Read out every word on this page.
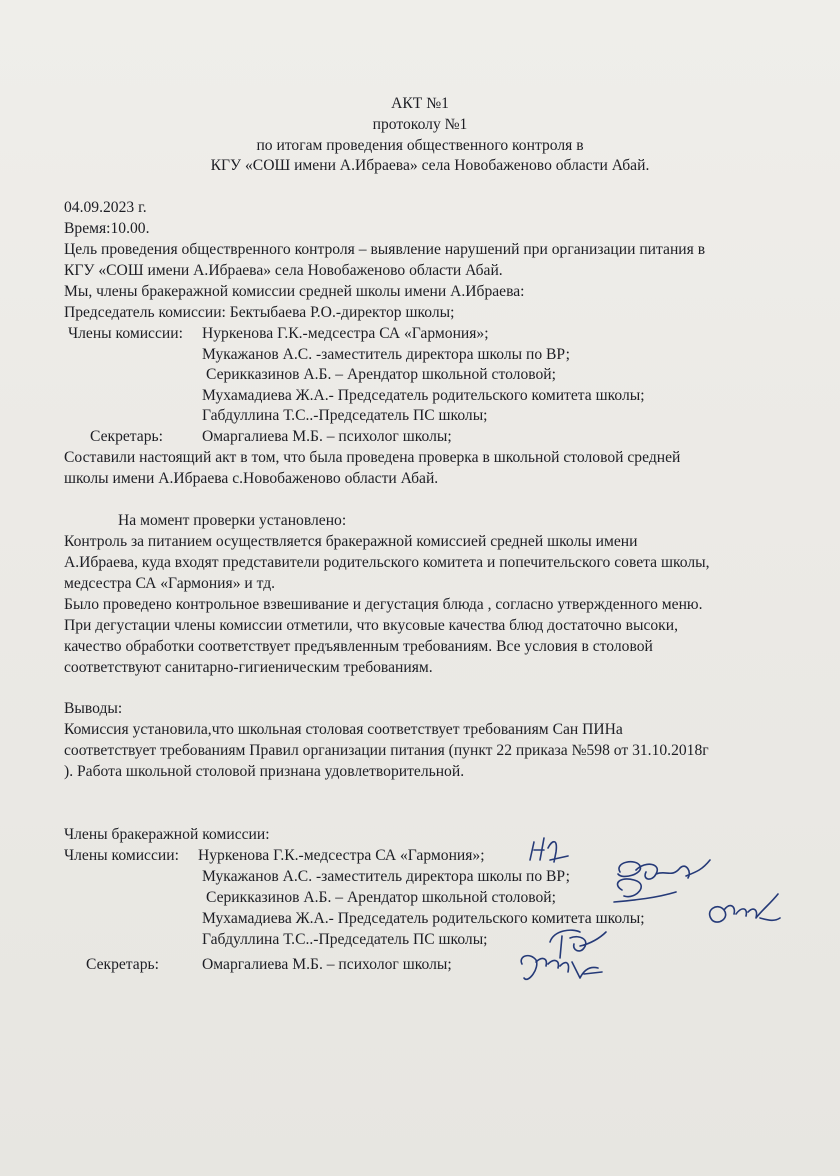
АКТ №1
протоколу №1
по итогам проведения общественного контроля в
КГУ «СОШ имени А.Ибраева» села Новобаженово области Абай.
04.09.2023 г.
Время:10.00.
Цель проведения обществренного контроля – выявление нарушений при организации питания в
КГУ «СОШ имени А.Ибраева» села Новобаженово области Абай.
Мы, члены бракеражной комиссии средней школы имени А.Ибраева:
Председатель комиссии: Бектыбаева Р.О.-директор школы;
Члены комиссии: Нуркенова Г.К.-медсестра СА «Гармония»;
Мукажанов А.С. -заместитель директора школы по ВР;
Серикказинов А.Б. – Арендатор школьной столовой;
Мухамадиева Ж.А.- Председатель родительского комитета школы;
Габдуллина Т.С..-Председатель ПС школы;
Секретарь:	Омаргалиева М.Б. – психолог школы;
Составили настоящий акт в том, что была проведена проверка в школьной столовой средней
школы имени А.Ибраева с.Новобаженово области Абай.
На момент проверки установлено:
Контроль за питанием осуществляется бракеражной комиссией средней школы имени
А.Ибраева, куда входят представители родительского комитета и попечительского совета школы,
медсестра СА «Гармония» и тд.
Было проведено контрольное взвешивание и дегустация блюда , согласно утвержденного меню.
При дегустации члены комиссии отметили, что вкусовые качества блюд достаточно высоки,
качество обработки соответствует предъявленным требованиям. Все условия в столовой
соответствуют санитарно-гигиеническим требованиям.
Выводы:
Комиссия установила,что школьная столовая соответствует требованиям Сан ПИНа
соответствует требованиям Правил организации питания (пункт 22 приказа №598 от 31.10.2018г
). Работа школьной столовой признана удовлетворительной.
Члены бракеражной комиссии:
Члены комиссии: Нуркенова Г.К.-медсестра СА «Гармония»;
Мукажанов А.С. -заместитель директора школы по ВР;
Серикказинов А.Б. – Арендатор школьной столовой;
Мухамадиева Ж.А.- Председатель родительского комитета школы;
Габдуллина Т.С..-Председатель ПС школы;
Секретарь:	Омаргалиева М.Б. – психолог школы;
